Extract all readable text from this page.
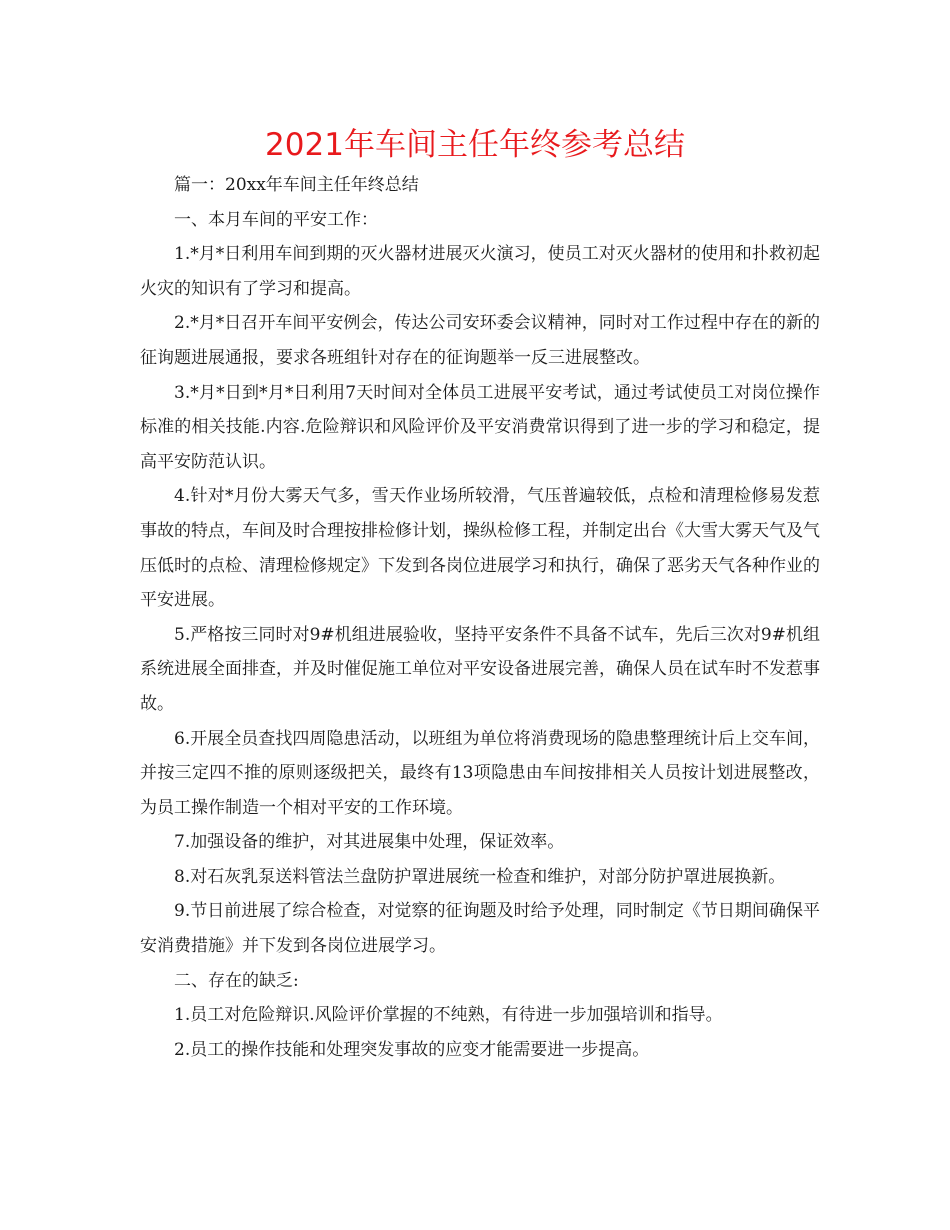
2021年车间主任年终参考总结

篇一：20xx年车间主任年终总结

一、本月车间的平安工作：

1.*月*日利用车间到期的灭火器材进展灭火演习，使员工对灭火器材的使用和扑救初起火灾的知识有了学习和提高。

2.*月*日召开车间平安例会，传达公司安环委会议精神，同时对工作过程中存在的新的征询题进展通报，要求各班组针对存在的征询题举一反三进展整改。

3.*月*日到*月*日利用7天时间对全体员工进展平安考试，通过考试使员工对岗位操作标准的相关技能.内容.危险辩识和风险评价及平安消费常识得到了进一步的学习和稳定，提高平安防范认识。

4.针对*月份大雾天气多，雪天作业场所较滑，气压普遍较低，点检和清理检修易发惹事故的特点，车间及时合理按排检修计划，操纵检修工程，并制定出台《大雪大雾天气及气压低时的点检、清理检修规定》下发到各岗位进展学习和执行，确保了恶劣天气各种作业的平安进展。

5.严格按三同时对9#机组进展验收，坚持平安条件不具备不试车，先后三次对9#机组系统进展全面排查，并及时催促施工单位对平安设备进展完善，确保人员在试车时不发惹事故。

6.开展全员查找四周隐患活动，以班组为单位将消费现场的隐患整理统计后上交车间，并按三定四不推的原则逐级把关，最终有13项隐患由车间按排相关人员按计划进展整改，为员工操作制造一个相对平安的工作环境。

7.加强设备的维护，对其进展集中处理，保证效率。

8.对石灰乳泵送料管法兰盘防护罩进展统一检查和维护，对部分防护罩进展换新。

9.节日前进展了综合检查，对觉察的征询题及时给予处理，同时制定《节日期间确保平安消费措施》并下发到各岗位进展学习。

二、存在的缺乏:

1.员工对危险辩识.风险评价掌握的不纯熟，有待进一步加强培训和指导。

2.员工的操作技能和处理突发事故的应变才能需要进一步提高。
